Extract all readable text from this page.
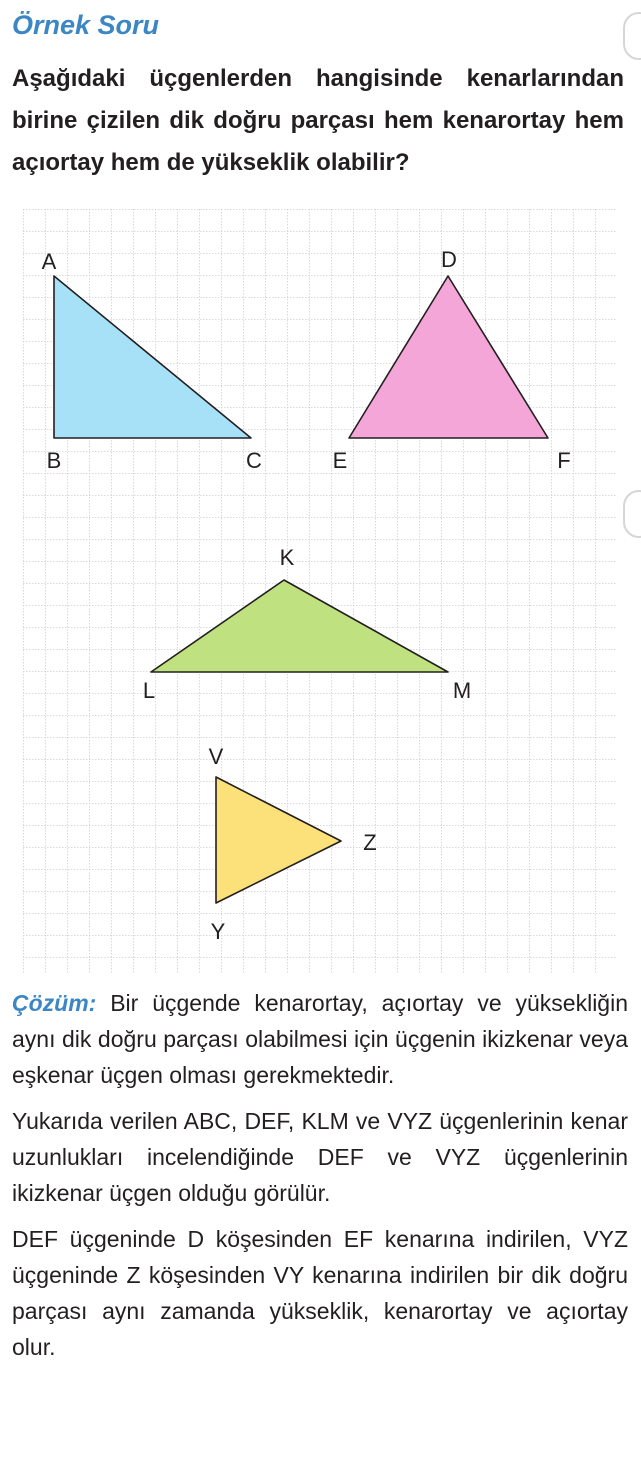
Örnek Soru

Aşağıdaki üçgenlerden hangisinde kenarlarından birine çizilen dik doğru parçası hem kenarortay hem açıortay hem de yükseklik olabilir?

A
B	C
D
E	F
K
L	M
V
Y
Z

Çözüm: Bir üçgende kenarortay, açıortay ve yüksekliğin aynı dik doğru parçası olabilmesi için üçgenin ikizkenar veya eşkenar üçgen olması gerekmektedir.

Yukarıda verilen ABC, DEF, KLM ve VYZ üçgenlerinin kenar uzunlukları incelendiğinde DEF ve VYZ üçgenlerinin ikizkenar üçgen olduğu görülür.

DEF üçgeninde D köşesinden EF kenarına indirilen, VYZ üçgeninde Z köşesinden VY kenarına indirilen bir dik doğru parçası aynı zamanda yükseklik, kenarortay ve açıortay olur.
